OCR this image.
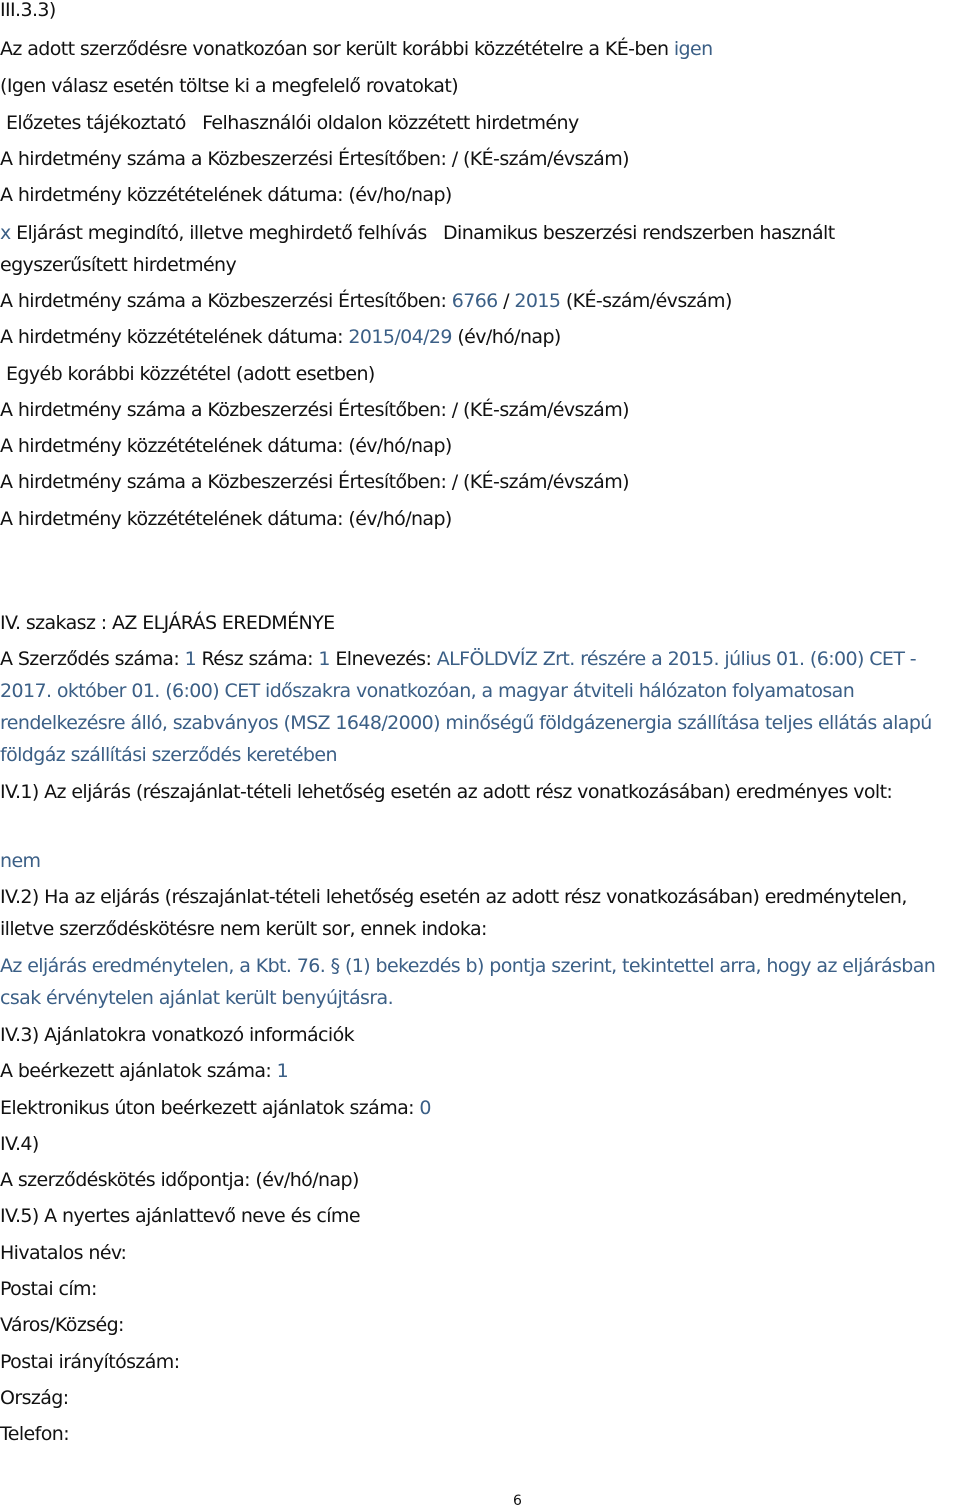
III.3.3)
Az adott szerződésre vonatkozóan sor került korábbi közzétételre a KÉ-ben igen
(Igen válasz esetén töltse ki a megfelelő rovatokat)
Előzetes tájékoztató Felhasználói oldalon közzétett hirdetmény
A hirdetmény száma a Közbeszerzési Értesítőben: / (KÉ-szám/évszám)
A hirdetmény közzétételének dátuma: (év/ho/nap)
x Eljárást megindító, illetve meghirdető felhívás Dinamikus beszerzési rendszerben használt
egyszerűsített hirdetmény
A hirdetmény száma a Közbeszerzési Értesítőben: 6766 / 2015 (KÉ-szám/évszám)
A hirdetmény közzétételének dátuma: 2015/04/29 (év/hó/nap)
Egyéb korábbi közzététel (adott esetben)
A hirdetmény száma a Közbeszerzési Értesítőben: / (KÉ-szám/évszám)
A hirdetmény közzétételének dátuma: (év/hó/nap)
A hirdetmény száma a Közbeszerzési Értesítőben: / (KÉ-szám/évszám)
A hirdetmény közzétételének dátuma: (év/hó/nap)
IV. szakasz : AZ ELJÁRÁS EREDMÉNYE
A Szerződés száma: 1 Rész száma: 1 Elnevezés: ALFÖLDVÍZ Zrt. részére a 2015. július 01. (6:00) CET - 2017. október 01. (6:00) CET időszakra vonatkozóan, a magyar átviteli hálózaton folyamatosan rendelkezésre álló, szabványos (MSZ 1648/2000) minőségű földgázenergia szállítása teljes ellátás alapú földgáz szállítási szerződés keretében
IV.1) Az eljárás (részajánlat-tételi lehetőség esetén az adott rész vonatkozásában) eredményes volt:
nem
IV.2) Ha az eljárás (részajánlat-tételi lehetőség esetén az adott rész vonatkozásában) eredménytelen, illetve szerződéskötésre nem került sor, ennek indoka:
Az eljárás eredménytelen, a Kbt. 76. § (1) bekezdés b) pontja szerint, tekintettel arra, hogy az eljárásban csak érvénytelen ajánlat került benyújtásra.
IV.3) Ajánlatokra vonatkozó információk
A beérkezett ajánlatok száma: 1
Elektronikus úton beérkezett ajánlatok száma: 0
IV.4)
A szerződéskötés időpontja: (év/hó/nap)
IV.5) A nyertes ajánlattevő neve és címe
Hivatalos név:
Postai cím:
Város/Község:
Postai irányítószám:
Ország:
Telefon:
6
